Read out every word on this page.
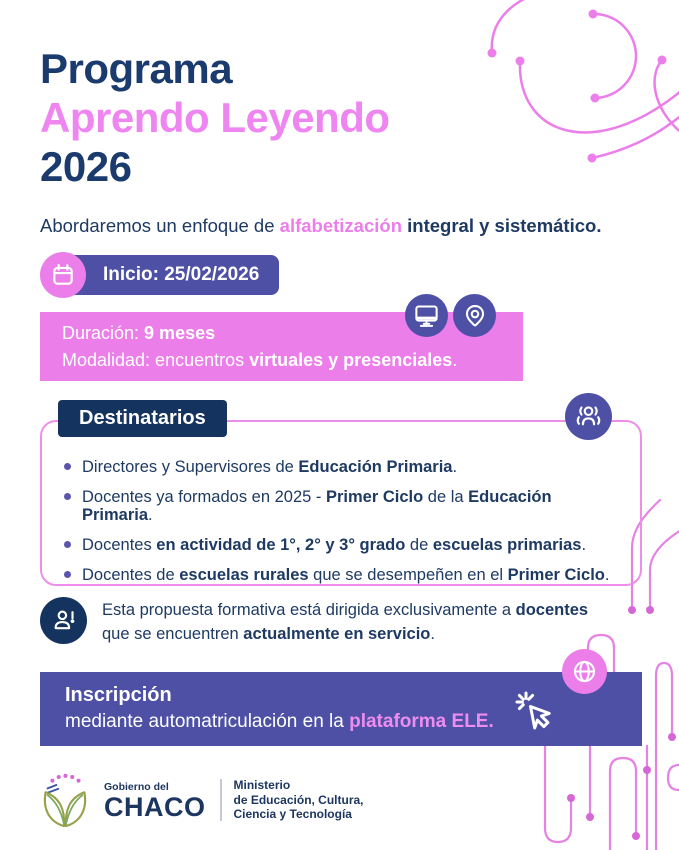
Programa
Aprendo Leyendo
2026

Abordaremos un enfoque de alfabetización integral y sistemático.

Inicio: 25/02/2026

Duración: 9 meses

Modalidad: encuentros virtuales y presenciales.

Directores y Supervisores de Educación Primaria.
Docentes ya formados en 2025 - Primer Ciclo de la Educación Primaria.
Docentes en actividad de 1°, 2° y 3° grado de escuelas primarias.
Docentes de escuelas rurales que se desempeñen en el Primer Ciclo.
Destinatarios

Esta propuesta formativa está dirigida exclusivamente a docentes que se encuentren actualmente en servicio.

Inscripción
mediante automatriculación en la plataforma ELE.
Gobierno del
CHACO
Ministerio
de Educación, Cultura,
Ciencia y Tecnología
